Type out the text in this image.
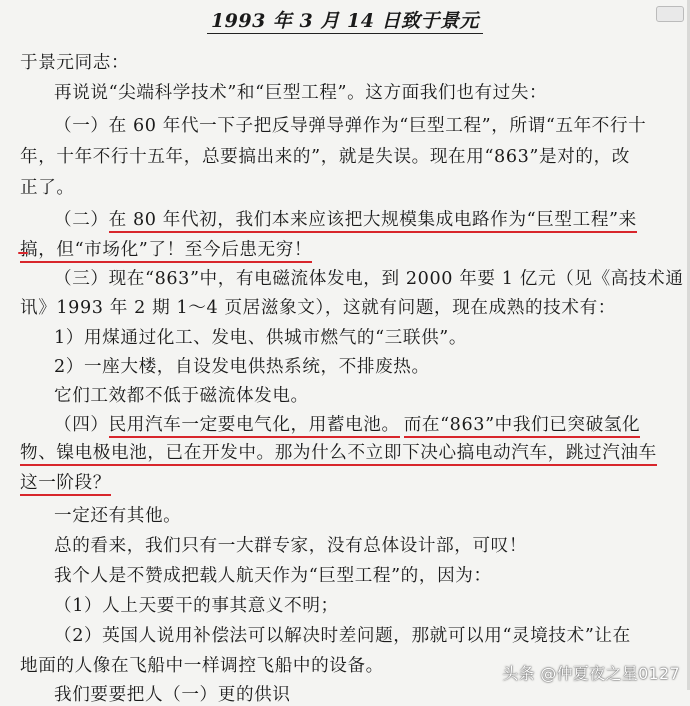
1993 年 3 月 14 日致于景元
于景元同志：
再说说“尖端科学技术”和“巨型工程”。这方面我们也有过失：
（一）在 60 年代一下子把反导弹导弹作为“巨型工程”，所谓“五年不行十
年，十年不行十五年，总要搞出来的”，就是失误。现在用“863”是对的，改
正了。
（二）在 80 年代初，我们本来应该把大规模集成电路作为“巨型工程”来
搞，但“市场化”了！至今后患无穷！
（三）现在“863”中，有电磁流体发电，到 2000 年要 1 亿元（见《高技术通
讯》1993 年 2 期 1～4 页居滋象文），这就有问题，现在成熟的技术有：
1）用煤通过化工、发电、供城市燃气的“三联供”。
2）一座大楼，自设发电供热系统，不排废热。
它们工效都不低于磁流体发电。
（四）民用汽车一定要电气化，用蓄电池。 而在“863”中我们已突破氢化
物、镍电极电池，已在开发中。那为什么不立即下决心搞电动汽车，跳过汽油车
这一阶段？
一定还有其他。
总的看来，我们只有一大群专家，没有总体设计部，可叹！
我个人是不赞成把载人航天作为“巨型工程”的，因为：
（1）人上天要干的事其意义不明；
（2）英国人说用补偿法可以解决时差问题，那就可以用“灵境技术”让在
地面的人像在飞船中一样调控飞船中的设备。
我们要要把人（一）更的供识
头条 @仲夏夜之星0127
